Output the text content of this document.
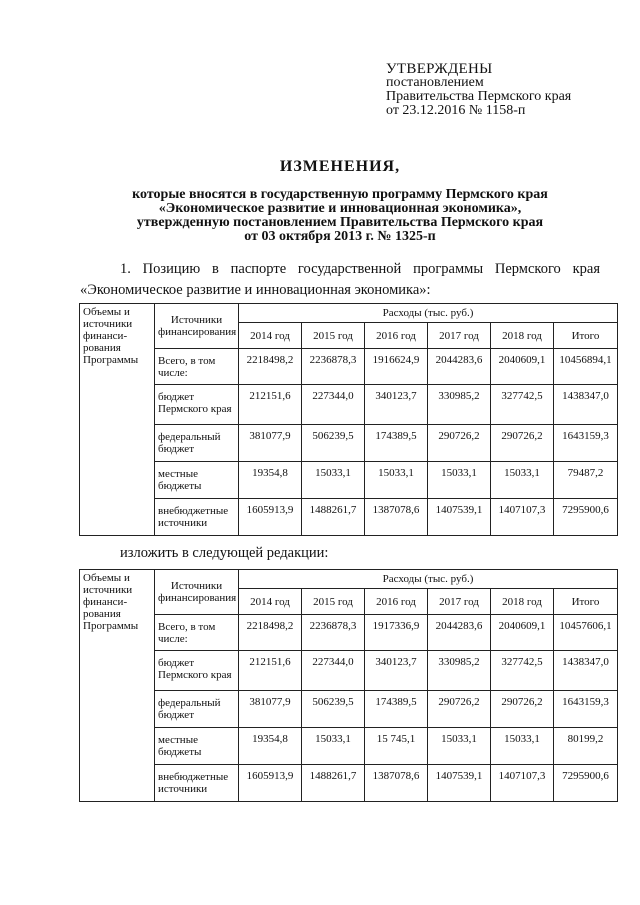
УТВЕРЖДЕНЫ
постановлением
Правительства Пермского края
от 23.12.2016 № 1158-п
ИЗМЕНЕНИЯ,
которые вносятся в государственную программу Пермского края
«Экономическое развитие и инновационная экономика»,
утвержденную постановлением Правительства Пермского края
от 03 октября 2013 г. № 1325-п
1. Позицию в паспорте государственной программы Пермского края «Экономическое развитие и инновационная экономика»:
Объемы и источники финанси-рования Программы	Источники финансирования	Расходы (тыс. руб.)					
		2014 год	2015 год	2016 год	2017 год	2018 год	Итого
	Всего, в том числе:	2218498,2	2236878,3	1916624,9	2044283,6	2040609,1	10456894,1
	бюджет Пермского края	212151,6	227344,0	340123,7	330985,2	327742,5	1438347,0
	федеральный бюджет	381077,9	506239,5	174389,5	290726,2	290726,2	1643159,3
	местные бюджеты	19354,8	15033,1	15033,1	15033,1	15033,1	79487,2
	внебюджетные источники	1605913,9	1488261,7	1387078,6	1407539,1	1407107,3	7295900,6
изложить в следующей редакции:
Объемы и источники финанси-рования Программы	Источники финансирования	Расходы (тыс. руб.)					
		2014 год	2015 год	2016 год	2017 год	2018 год	Итого
	Всего, в том числе:	2218498,2	2236878,3	1917336,9	2044283,6	2040609,1	10457606,1
	бюджет Пермского края	212151,6	227344,0	340123,7	330985,2	327742,5	1438347,0
	федеральный бюджет	381077,9	506239,5	174389,5	290726,2	290726,2	1643159,3
	местные бюджеты	19354,8	15033,1	15 745,1	15033,1	15033,1	80199,2
	внебюджетные источники	1605913,9	1488261,7	1387078,6	1407539,1	1407107,3	7295900,6
